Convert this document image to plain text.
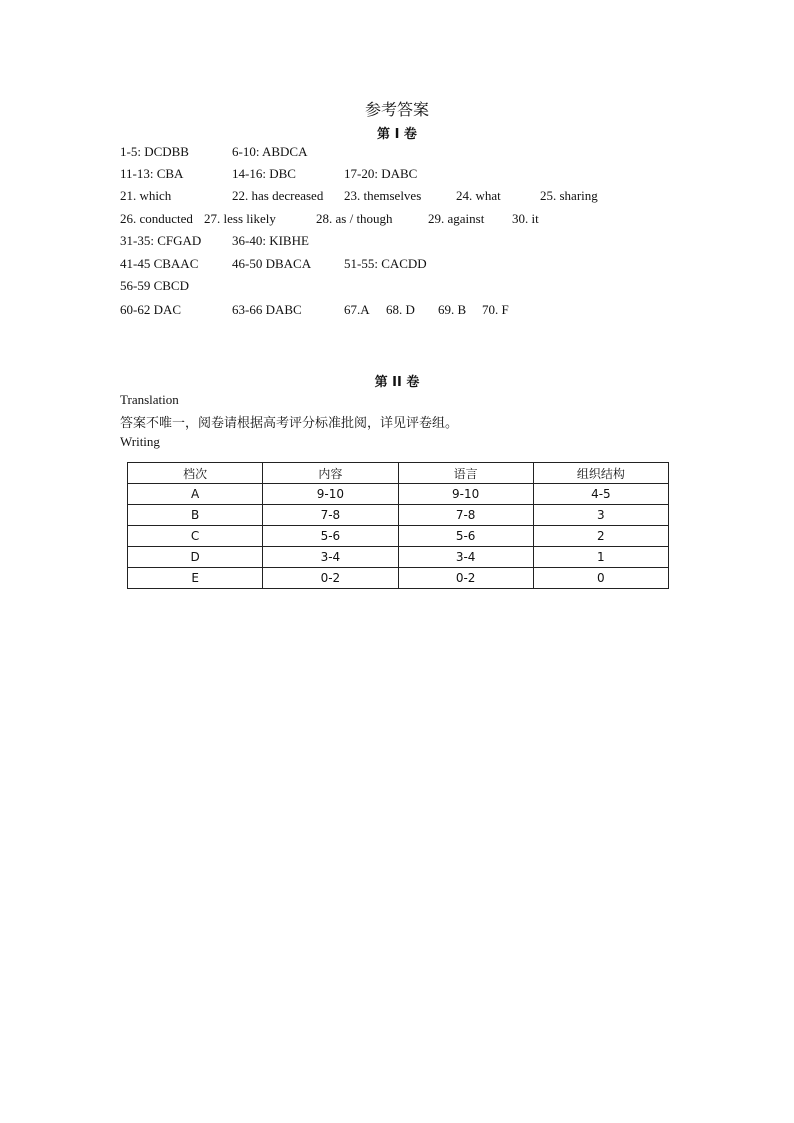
参考答案
第 I 卷
1-5: DCDBB	6-10: ABDCA
11-13: CBA	14-16: DBC	17-20: DABC
21. which	22. has decreased 23. themselves	24. what	25. sharing
26. conducted 27. less likely	28. as / though	29. against 30. it
31-35: CFGAD 36-40: KIBHE
41-45 CBAAC	46-50 DBACA	51-55: CACDD
56-59 CBCD
60-62 DAC	63-66 DABC	67.A 68. D 69. B 70. F
第 II 卷
Translation
答案不唯一，阅卷请根据高考评分标准批阅，详见评卷组。
Writing
档次	内容	语言	组织结构
A	9-10	9-10	4-5
B	7-8	7-8	3
C	5-6	5-6	2
D	3-4	3-4	1
E	0-2	0-2	0
